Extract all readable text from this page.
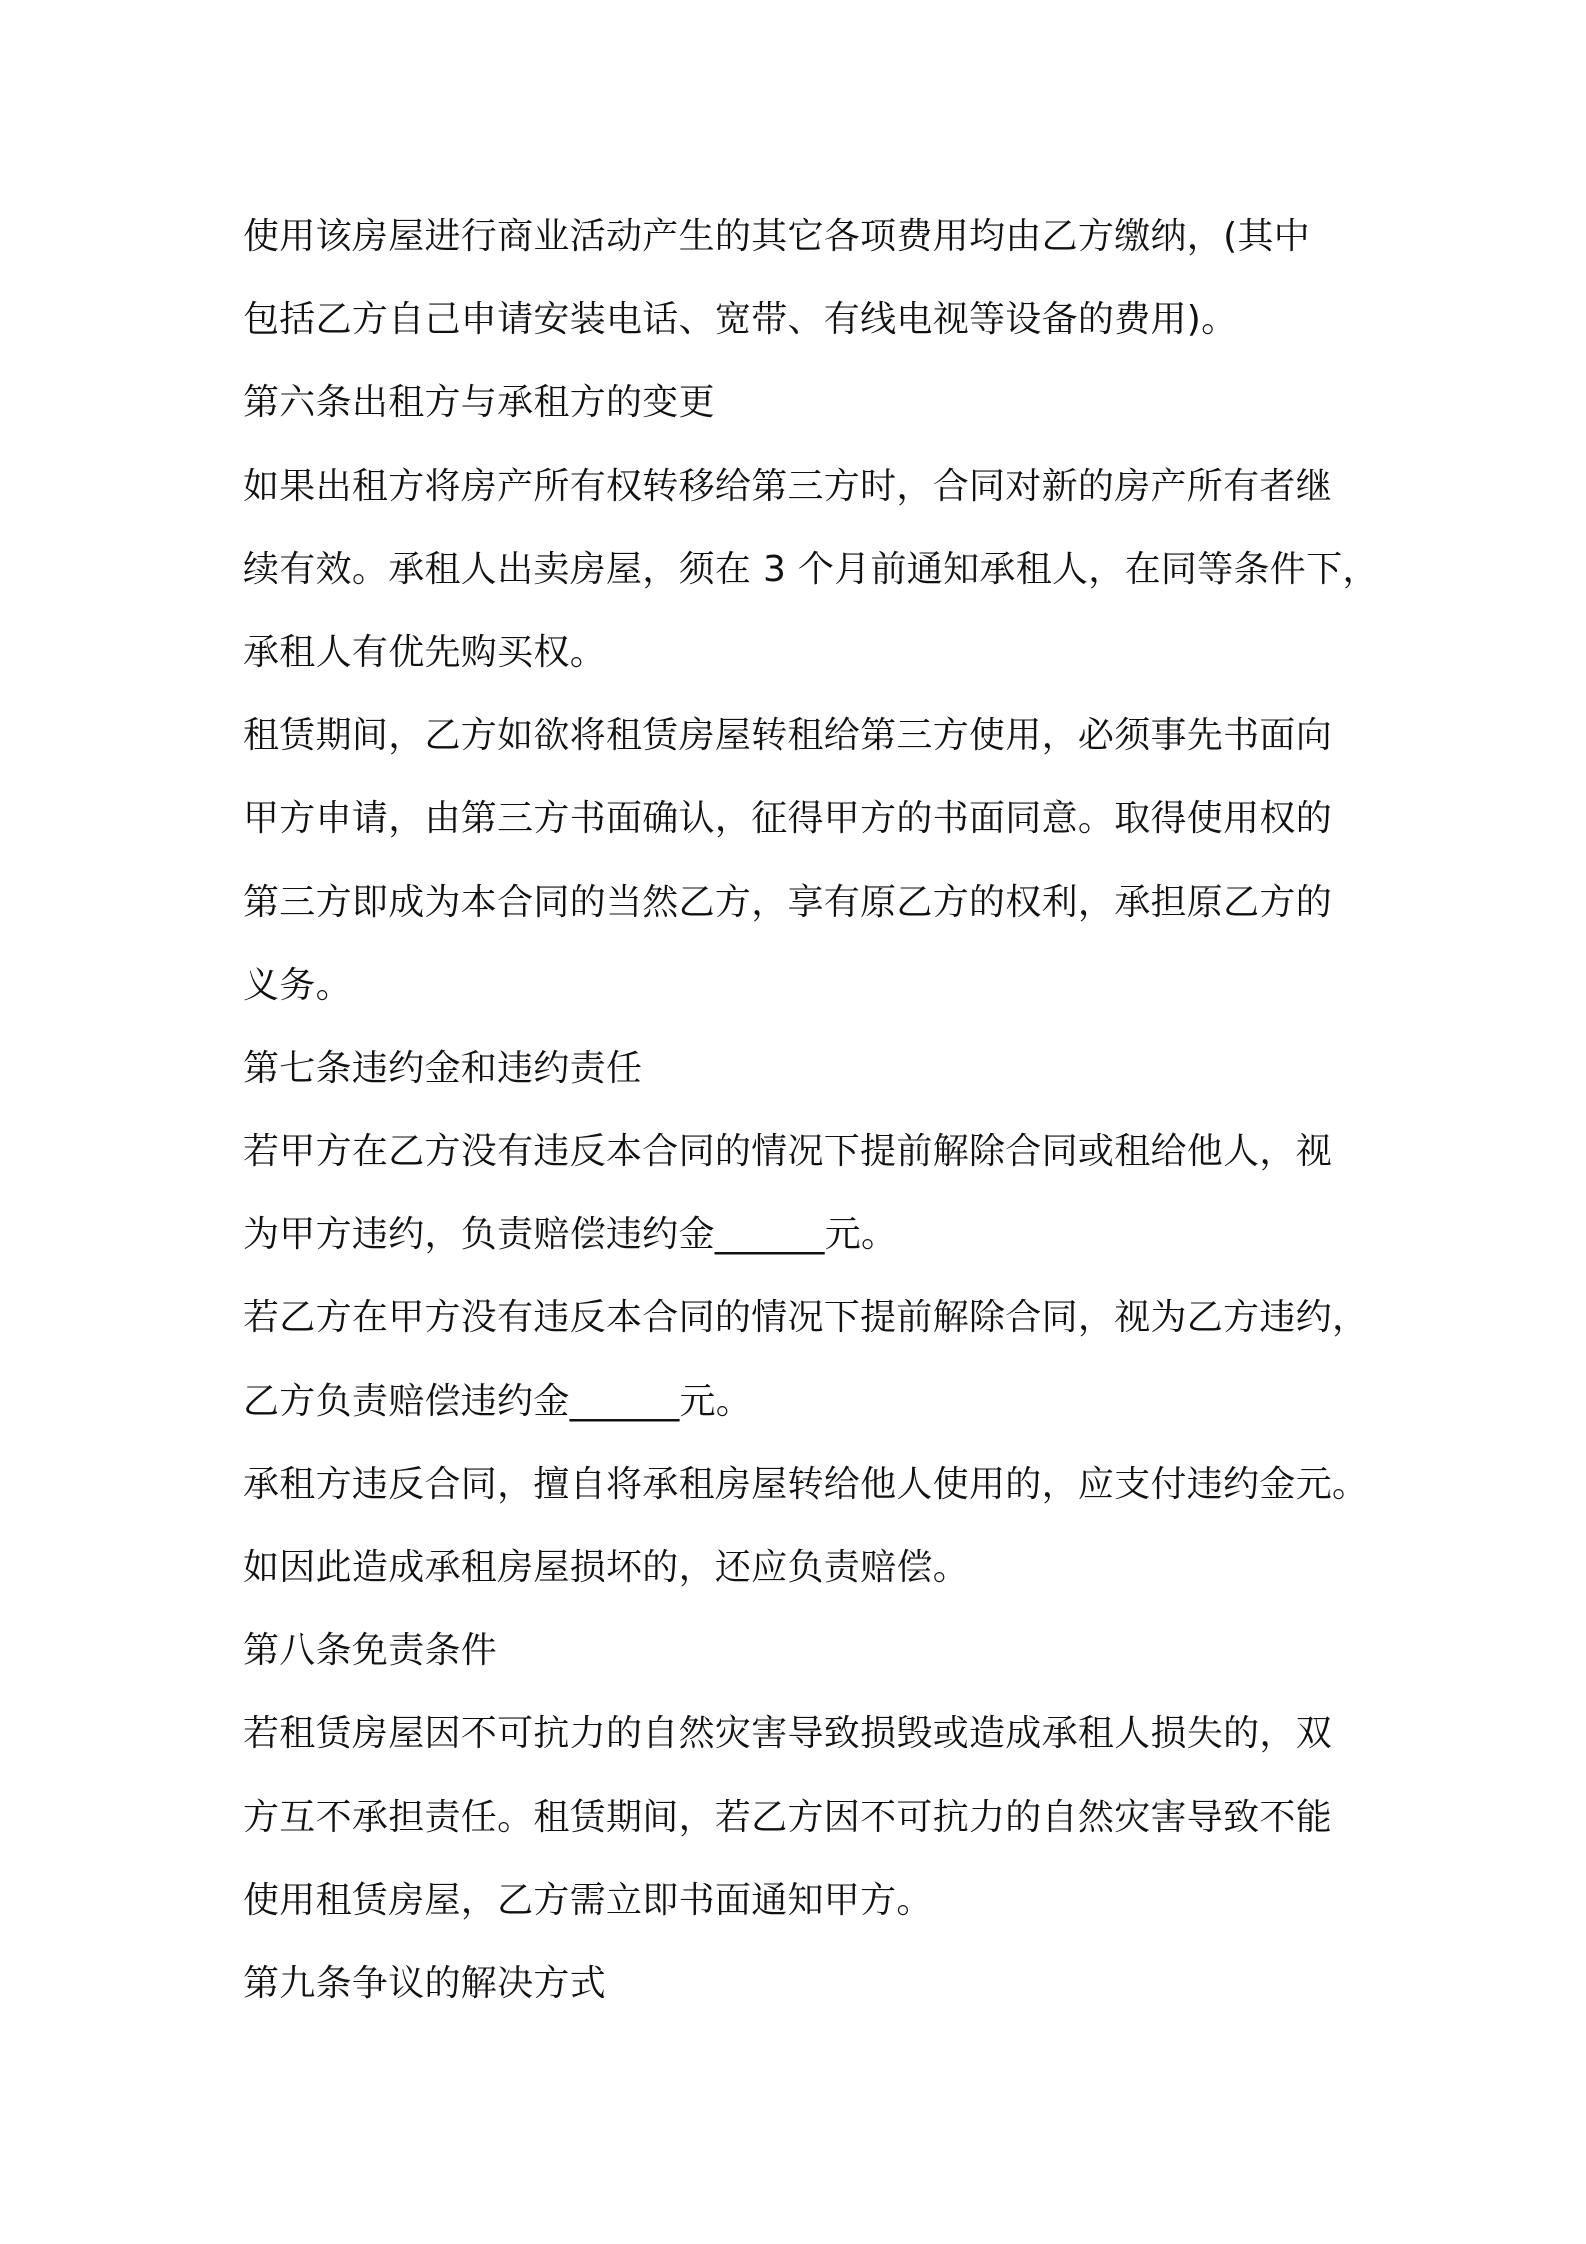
使用该房屋进行商业活动产生的其它各项费用均由乙方缴纳，(其中
包括乙方自己申请安装电话、宽带、有线电视等设备的费用)。
第六条出租方与承租方的变更
如果出租方将房产所有权转移给第三方时，合同对新的房产所有者继
续有效。承租人出卖房屋，须在 3 个月前通知承租人，在同等条件下，
承租人有优先购买权。
租赁期间，乙方如欲将租赁房屋转租给第三方使用，必须事先书面向
甲方申请，由第三方书面确认，征得甲方的书面同意。取得使用权的
第三方即成为本合同的当然乙方，享有原乙方的权利，承担原乙方的
义务。
第七条违约金和违约责任
若甲方在乙方没有违反本合同的情况下提前解除合同或租给他人，视
为甲方违约，负责赔偿违约金______元。
若乙方在甲方没有违反本合同的情况下提前解除合同，视为乙方违约，
乙方负责赔偿违约金______元。
承租方违反合同，擅自将承租房屋转给他人使用的，应支付违约金元。
如因此造成承租房屋损坏的，还应负责赔偿。
第八条免责条件
若租赁房屋因不可抗力的自然灾害导致损毁或造成承租人损失的，双
方互不承担责任。租赁期间，若乙方因不可抗力的自然灾害导致不能
使用租赁房屋，乙方需立即书面通知甲方。
第九条争议的解决方式
